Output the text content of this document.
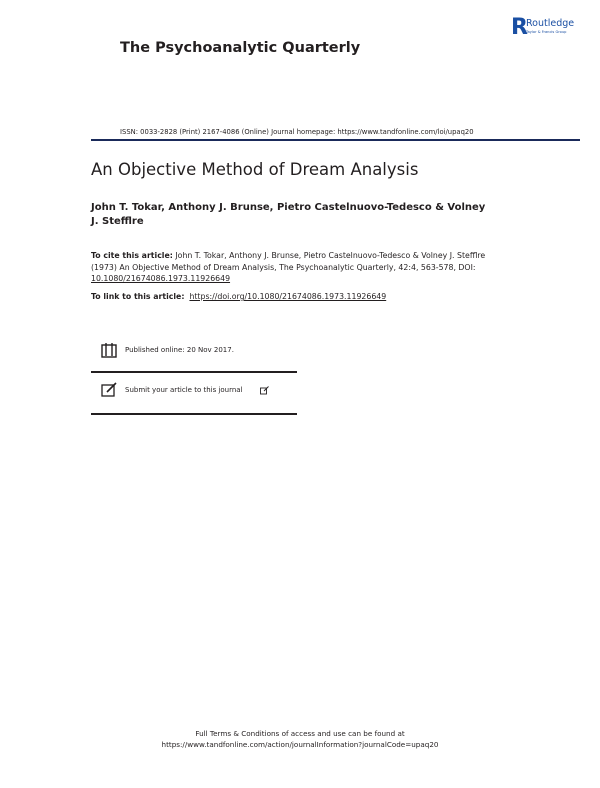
The Psychoanalytic Quarterly
R
Routledge
Taylor & Francis Group
ISSN: 0033-2828 (Print) 2167-4086 (Online) Journal homepage: https://www.tandfonline.com/loi/upaq20
An Objective Method of Dream Analysis
John T. Tokar, Anthony J. Brunse, Pietro Castelnuovo-Tedesco & Volney J. Stefflre
To cite this article: John T. Tokar, Anthony J. Brunse, Pietro Castelnuovo-Tedesco & Volney J. Stefflre (1973) An Objective Method of Dream Analysis, The Psychoanalytic Quarterly, 42:4, 563-578, DOI: 10.1080/21674086.1973.11926649
To link to this article: https://doi.org/10.1080/21674086.1973.11926649
Published online: 20 Nov 2017.
Submit your article to this journal
Full Terms & Conditions of access and use can be found at
https://www.tandfonline.com/action/journalInformation?journalCode=upaq20
